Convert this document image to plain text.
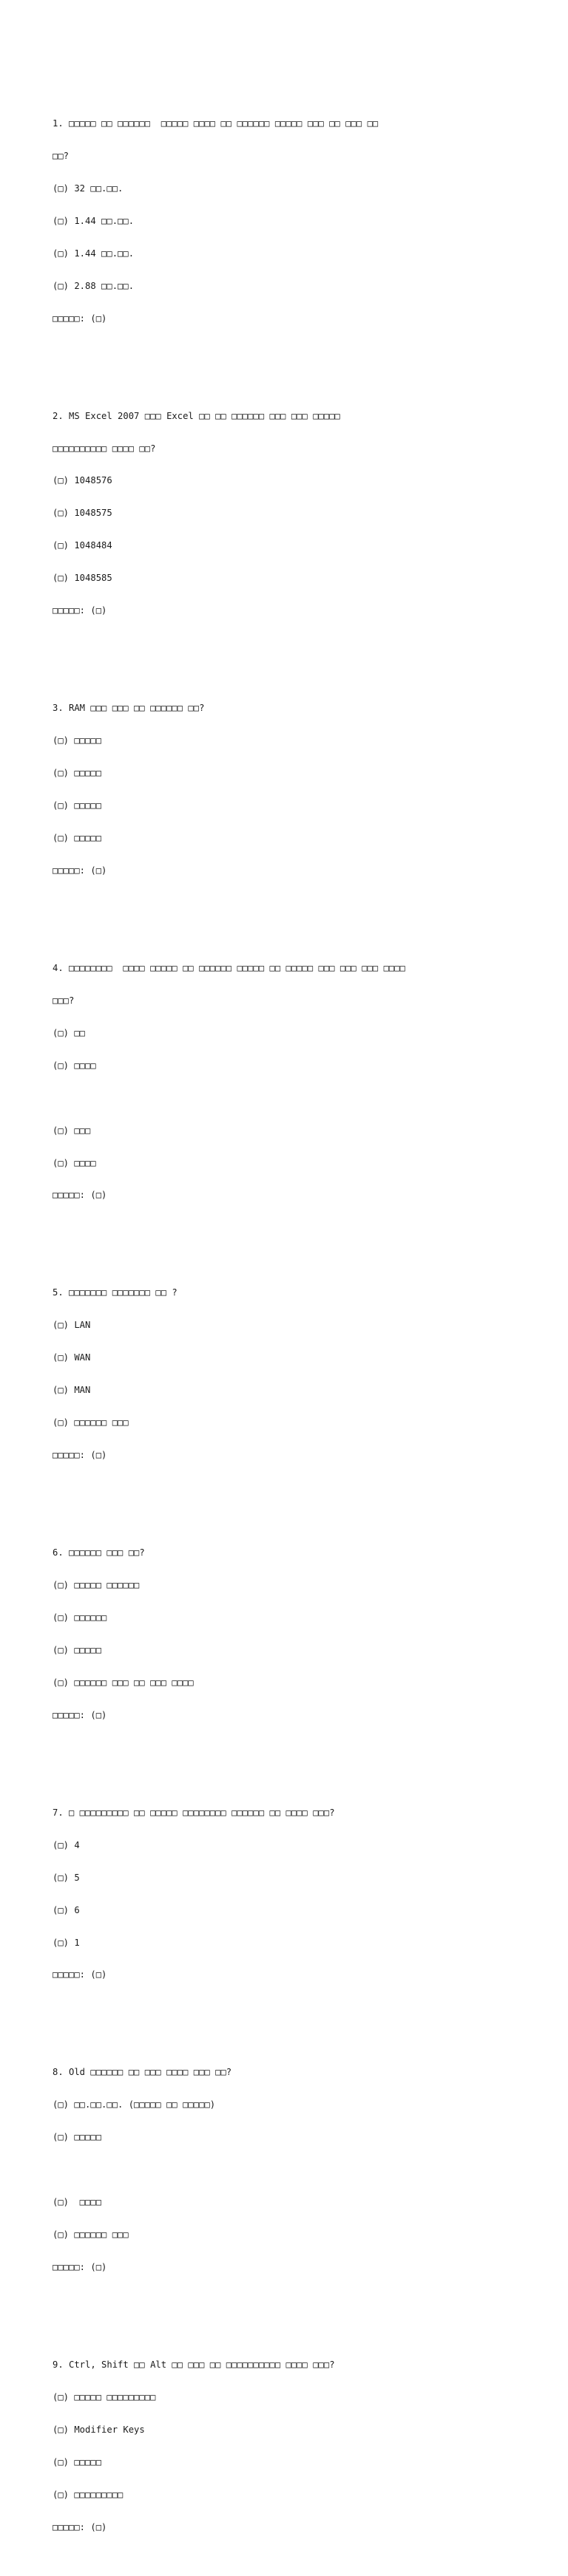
1. □□□□□ □□ □□□□□□  □□□□□ □□□□ □□ □□□□□□ □□□□□ □□□ □□ □□□ □□

□□?

(□) 32 □□.□□.

(□) 1.44 □□.□□.

(□) 1.44 □□.□□.

(□) 2.88 □□.□□.

□□□□□: (□)

2. MS Excel 2007 □□□ Excel □□ □□ □□□□□□ □□□ □□□ □□□□□

□□□□□□□□□□ □□□□ □□?

(□) 1048576

(□) 1048575

(□) 1048484

(□) 1048585

□□□□□: (□)

3. RAM □□□ □□□ □□ □□□□□□ □□?

(□) □□□□□

(□) □□□□□

(□) □□□□□

(□) □□□□□

□□□□□: (□)

4. □□□□□□□□  □□□□ □□□□□ □□ □□□□□□ □□□□□ □□ □□□□□ □□□ □□□ □□□ □□□□

□□□?

(□) □□

(□) □□□□

(□) □□□

(□) □□□□

□□□□□: (□)

5. □□□□□□□ □□□□□□□ □□ ?

(□) LAN

(□) WAN

(□) MAN

(□) □□□□□□ □□□

□□□□□: (□)

6. □□□□□□ □□□ □□?

(□) □□□□□ □□□□□□

(□) □□□□□□

(□) □□□□□

(□) □□□□□□ □□□ □□ □□□ □□□□

□□□□□: (□)

7. □ □□□□□□□□□ □□ □□□□□ □□□□□□□□ □□□□□□ □□ □□□□ □□□?

(□) 4

(□) 5

(□) 6

(□) 1

□□□□□: (□)

8. Old □□□□□□ □□ □□□ □□□□ □□□ □□?

(□) □□.□□.□□. (□□□□□ □□ □□□□□)

(□) □□□□□

(□)  □□□□

(□) □□□□□□ □□□

□□□□□: (□)

9. Ctrl, Shift □□ Alt □□ □□□ □□ □□□□□□□□□□ □□□□ □□□?

(□) □□□□□ □□□□□□□□□

(□) Modifier Keys

(□) □□□□□

(□) □□□□□□□□□

□□□□□: (□)
